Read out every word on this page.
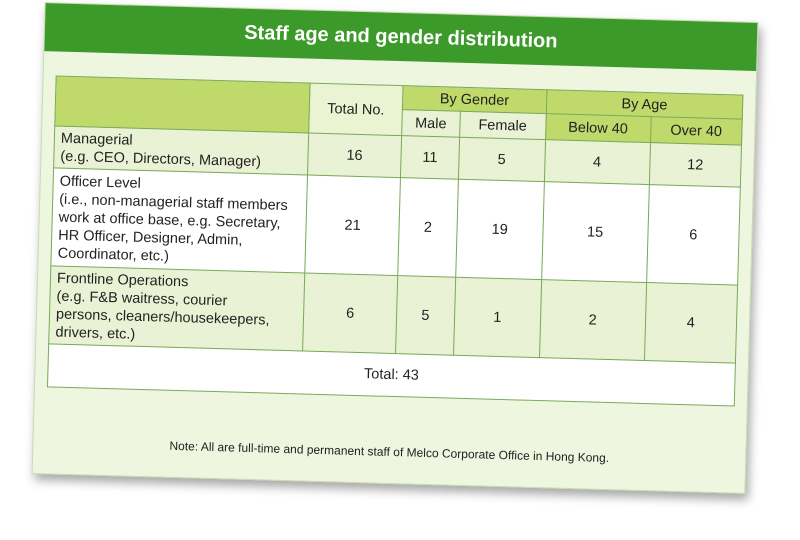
Staff age and gender distribution
	Total No.	By Gender		By Age	
		Male	Female	Below 40	Over 40

Managerial
(e.g. CEO, Directors, Manager)	16	11	5	4	12

Officer Level
(i.e., non-managerial staff members
work at office base, e.g. Secretary,
HR Officer, Designer, Admin,
Coordinator, etc.)	21	2	19	15	6

Frontline Operations
(e.g. F&B waitress, courier
persons, cleaners/housekeepers,
drivers, etc.)	6	5	1	2	4
Total: 43					
Note: All are full-time and permanent staff of Melco Corporate Office in Hong Kong.
